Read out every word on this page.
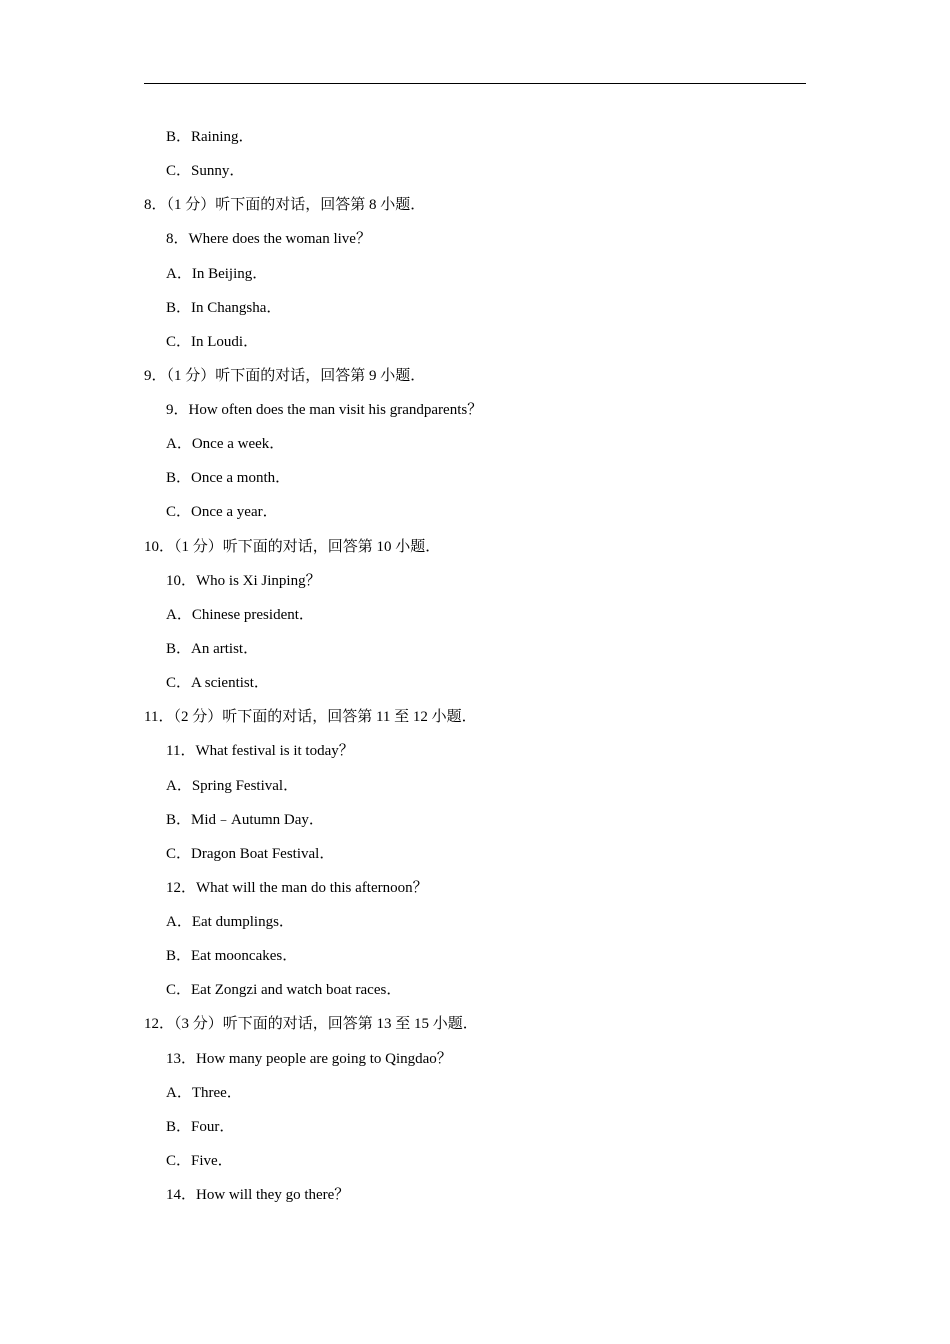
B．Raining．
C．Sunny．
8．（1 分）听下面的对话，回答第 8 小题．
8．Where does the woman live？
A．In Beijing．
B．In Changsha．
C．In Loudi．
9．（1 分）听下面的对话，回答第 9 小题．
9．How often does the man visit his grandparents？
A．Once a week．
B．Once a month．
C．Once a year．
10．（1 分）听下面的对话，回答第 10 小题．
10．Who is Xi Jinping？
A．Chinese president．
B．An artist．
C．A scientist．
11．（2 分）听下面的对话，回答第 11 至 12 小题．
11．What festival is it today？
A．Spring Festival．
B．Mid﹣Autumn Day．
C．Dragon Boat Festival．
12．What will the man do this afternoon？
A．Eat dumplings．
B．Eat mooncakes．
C．Eat Zongzi and watch boat races．
12．（3 分）听下面的对话，回答第 13 至 15 小题．
13．How many people are going to Qingdao？
A．Three．
B．Four．
C．Five．
14．How will they go there？
